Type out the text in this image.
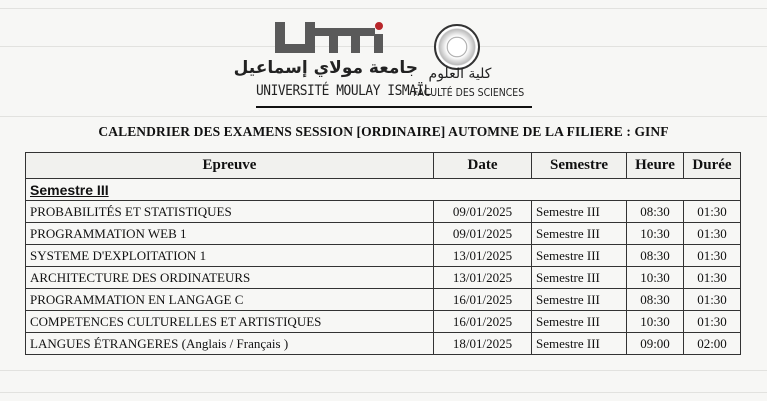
جامعة مولاي إسماعيل
UNIVERSITÉ MOULAY ISMAÏL
كلية العلوم
FACULTÉ DES SCIENCES
CALENDRIER DES EXAMENS SESSION [ORDINAIRE] AUTOMNE DE LA FILIERE : GINF
Epreuve	Date	Semestre	Heure	Durée
Semestre III				
PROBABILITÉS ET STATISTIQUES	09/01/2025	Semestre III	08:30	01:30
PROGRAMMATION WEB 1	09/01/2025	Semestre III	10:30	01:30
SYSTEME D'EXPLOITATION 1	13/01/2025	Semestre III	08:30	01:30
ARCHITECTURE DES ORDINATEURS	13/01/2025	Semestre III	10:30	01:30
PROGRAMMATION EN LANGAGE C	16/01/2025	Semestre III	08:30	01:30
COMPETENCES CULTURELLES ET ARTISTIQUES	16/01/2025	Semestre III	10:30	01:30
LANGUES ÉTRANGERES (Anglais / Français )	18/01/2025	Semestre III	09:00	02:00
